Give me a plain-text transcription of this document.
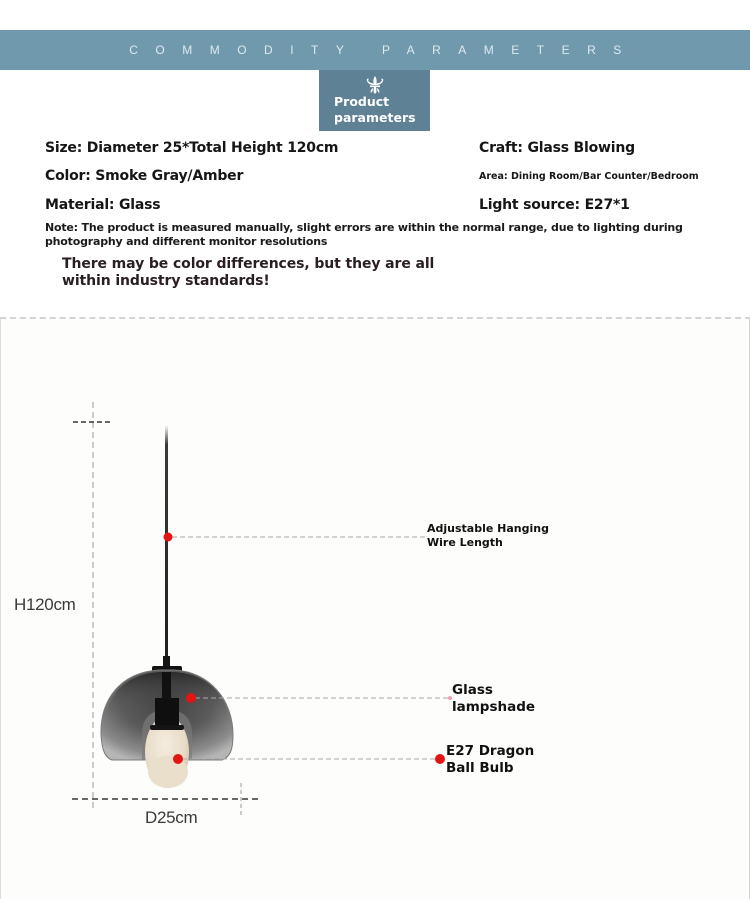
COMMODITY PARAMETERS
Product
parameters
Size: Diameter 25*Total Height 120cm	Craft: Glass Blowing
Color: Smoke Gray/Amber	Area: Dining Room/Bar Counter/Bedroom
Material: Glass	Light source: E27*1
Note: The product is measured manually, slight errors are within the normal range, due to lighting during photography and different monitor resolutions
There may be color differences, but they are all within industry standards!
H120cm
D25cm
Adjustable Hanging
Wire Length
Glass
lampshade
E27 Dragon
Ball Bulb
